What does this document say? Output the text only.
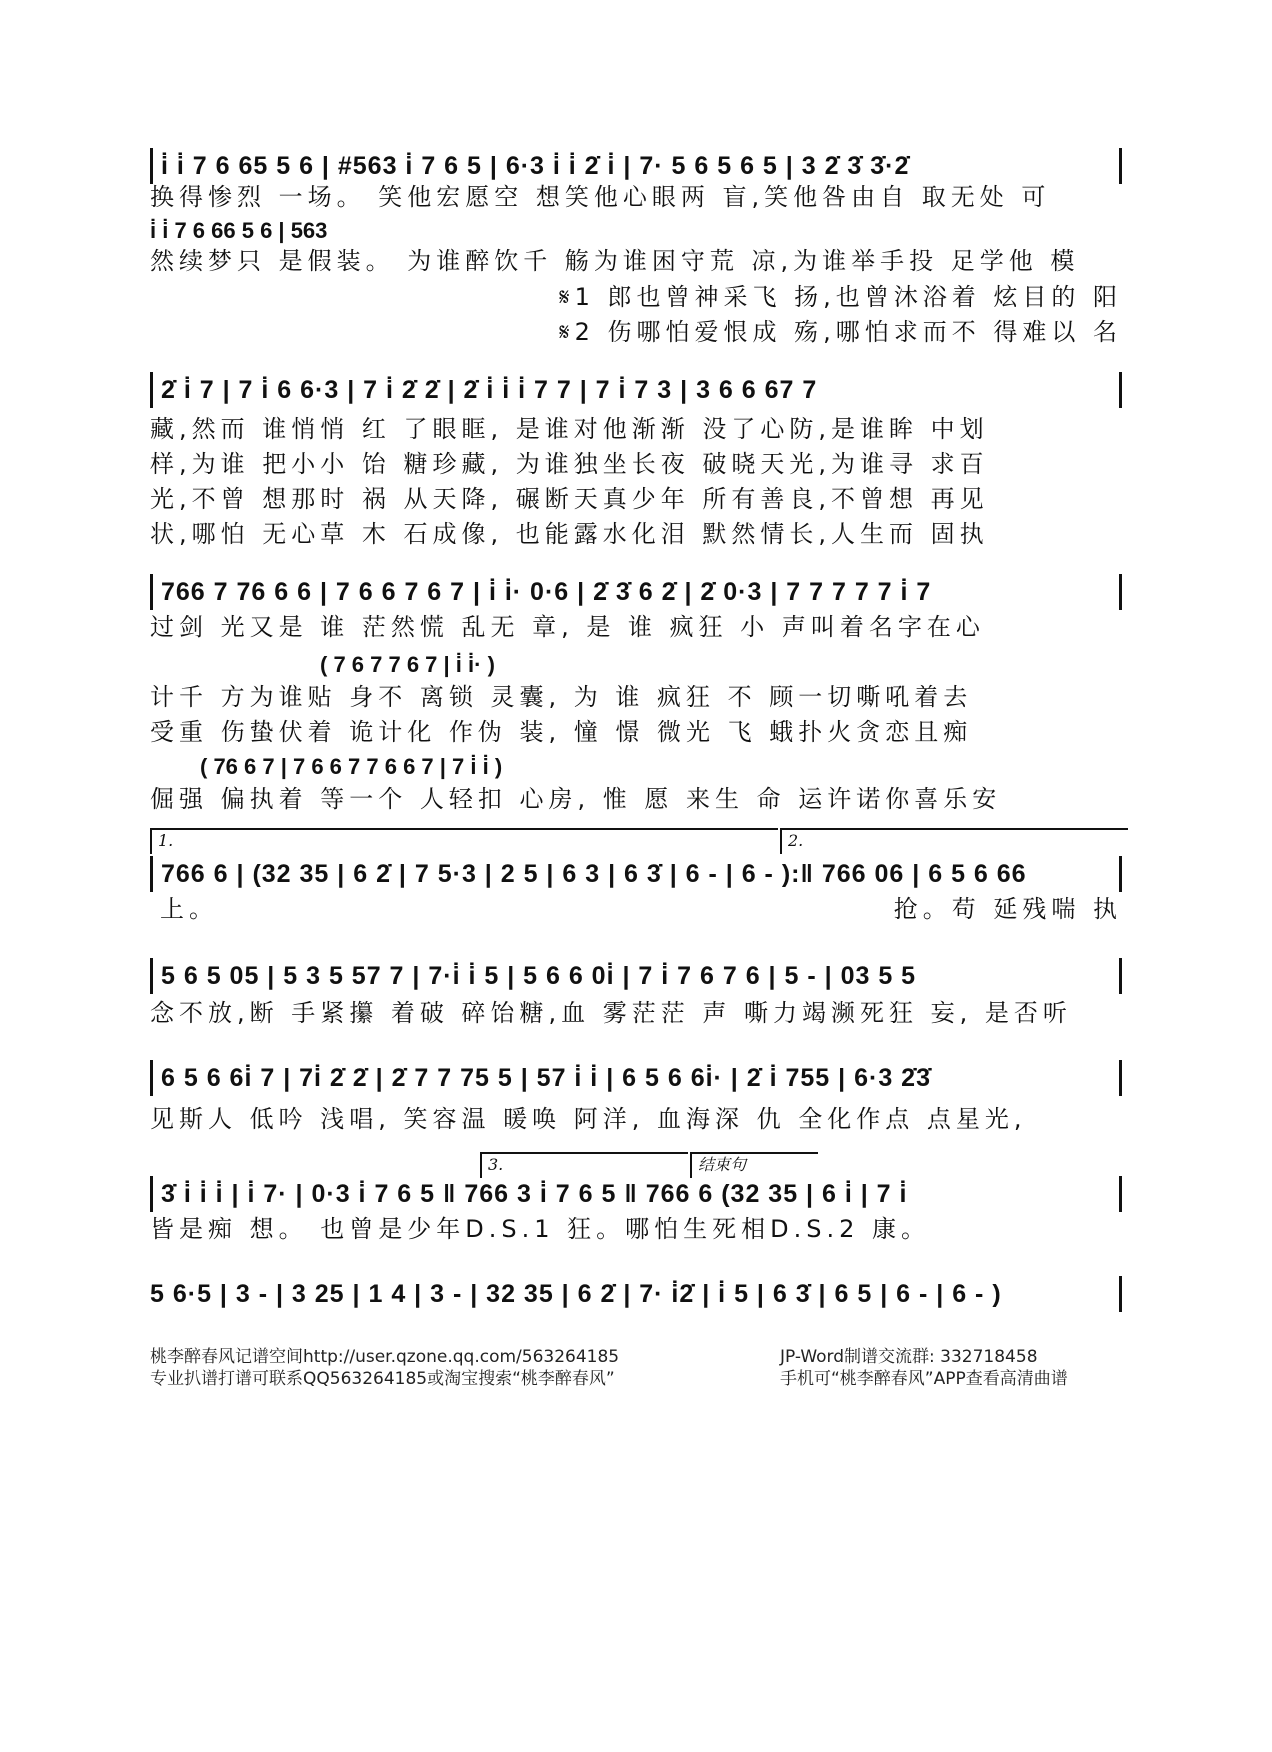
i̇ i̇ 7 6 65 5 6 | #563 i̇ 7 6 5 | 6·3 i̇ i̇ 2̇ i̇ | 7· 5 6 5 6 5 | 3 2̇ 3̇ 3̇·2̇
换得惨烈 一场。 笑他宏愿空 想笑他心眼两 盲,笑他咎由自 取无处 可
i̇ i̇ 7 6 66 5 6 | 563
然续梦只 是假装。 为谁醉饮千 觞为谁困守荒 凉,为谁举手投 足学他 模
𝄋1 郎也曾神采飞 扬,也曾沐浴着 炫目的 阳
𝄋2 伤哪怕爱恨成 殇,哪怕求而不 得难以 名
2̇ i̇ 7 | 7 i̇ 6 6·3 | 7 i̇ 2̇ 2̇ | 2̇ i̇ i̇ i̇ 7 7 | 7 i̇ 7 3 | 3 6 6 67 7
藏,然而 谁悄悄 红 了眼眶, 是谁对他渐渐 没了心防,是谁眸 中划
样,为谁 把小小 饴 糖珍藏, 为谁独坐长夜 破晓天光,为谁寻 求百
光,不曾 想那时 祸 从天降, 碾断天真少年 所有善良,不曾想 再见
状,哪怕 无心草 木 石成像, 也能露水化泪 默然情长,人生而 固执
766 7 76 6 6 | 7 6 6 7 6 7 | i̇ i̇· 0·6 | 2̇ 3̇ 6 2̇ | 2̇ 0·3 | 7 7 7 7 7 i̇ 7
过剑 光又是 谁 茫然慌 乱无 章, 是 谁 疯狂 小 声叫着名字在心
( 7 6 7 7 6 7 | i̇ i̇· )
计千 方为谁贴 身不 离锁 灵囊, 为 谁 疯狂 不 顾一切嘶吼着去
受重 伤蛰伏着 诡计化 作伪 装, 憧 憬 微光 飞 蛾扑火贪恋且痴
( 76 6 7 | 7 6 6 7 7 6 6 7 | 7 i̇ i̇ )
倔强 偏执着 等一个 人轻扣 心房, 惟 愿 来生 命 运许诺你喜乐安
1.	2.
766 6 | (32 35 | 6 2̇ | 7 5·3 | 2 5 | 6 3 | 6 3̇ | 6 - | 6 - ):‖ 766 06 | 6 5 6 66
上。	抢。苟 延残喘 执
5 6 5 05 | 5 3 5 57 7 | 7·i̇ i̇ 5 | 5 6 6 0i̇ | 7 i̇ 7 6 7 6 | 5 - | 03 5 5
念不放,断 手紧攥 着破 碎饴糖,血 雾茫茫 声 嘶力竭濒死狂 妄, 是否听
6 5 6 6i̇ 7 | 7i̇ 2̇ 2̇ | 2̇ 7 7 75 5 | 57 i̇ i̇ | 6 5 6 6i̇· | 2̇ i̇ 755 | 6·3 2̇3̇
见斯人 低吟 浅唱, 笑容温 暖唤 阿洋, 血海深 仇 全化作点 点星光,
3.	结束句
3̇ i̇ i̇ i̇ | i̇ 7· | 0·3 i̇ 7 6 5 ‖ 766 3 i̇ 7 6 5 ‖ 766 6 (32 35 | 6 i̇ | 7 i̇
皆是痴 想。 也曾是少年D.S.1 狂。哪怕生死相D.S.2 康。
5 6·5 | 3 - | 3 25 | 1 4 | 3 - | 32 35 | 6 2̇ | 7· i̇2̇ | i̇ 5 | 6 3̇ | 6 5 | 6 - | 6 - )
桃李醉春风记谱空间http://user.qzone.qq.com/563264185
专业扒谱打谱可联系QQ563264185或淘宝搜索“桃李醉春风”
JP-Word制谱交流群: 332718458
手机可“桃李醉春风”APP查看高清曲谱
